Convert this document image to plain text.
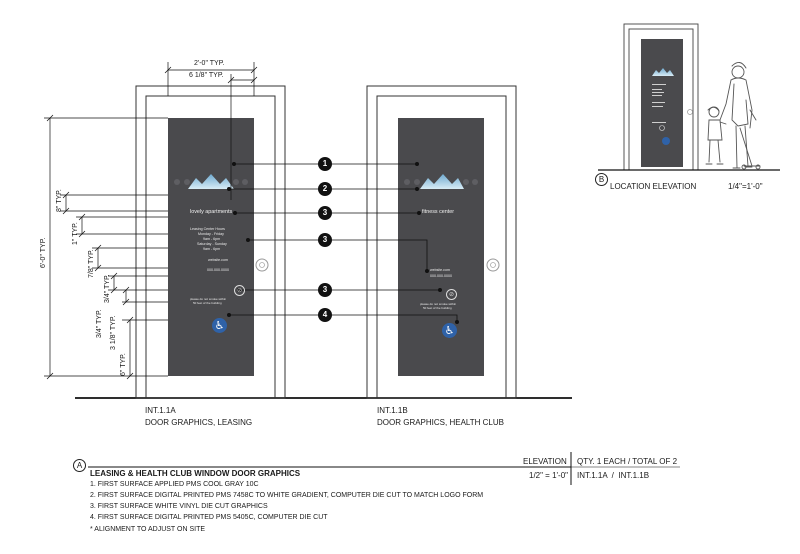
lovely apartments
Leasing Center Hours
Monday - Friday
9am - 6pm
Saturday - Sunday
9am - 6pm
website.com
000.000.0000
⊘
please do not smoke within
50 feet of the building
♿
fitness center
website.com
000.000.0000
⊘
please do not smoke within
50 feet of the building
♿
1
2
3
3
3
4
2'-0" TYP.
6 1/8" TYP.
6'-0" TYP.
8" TYP.
1" TYP.
7/8" TYP.
3/4" TYP.
3/4" TYP. 3 1/8" TYP.
6" TYP.
INT.1.1A
DOOR GRAPHICS, LEASING
INT.1.1B
DOOR GRAPHICS, HEALTH CLUB
B
LOCATION ELEVATION	1/4"=1'-0"
A	ELEVATION QTY. 1 EACH / TOTAL OF 2
LEASING & HEALTH CLUB WINDOW DOOR GRAPHICS	1/2" = 1'-0" INT.1.1A  /  INT.1.1B
1. FIRST SURFACE APPLIED PMS COOL GRAY 10C
2. FIRST SURFACE DIGITAL PRINTED PMS 7458C TO WHITE GRADIENT, COMPUTER DIE CUT TO MATCH LOGO FORM
3. FIRST SURFACE WHITE VINYL DIE CUT GRAPHICS
4. FIRST SURFACE DIGITAL PRINTED PMS 5405C, COMPUTER DIE CUT
* ALIGNMENT TO ADJUST ON SITE
